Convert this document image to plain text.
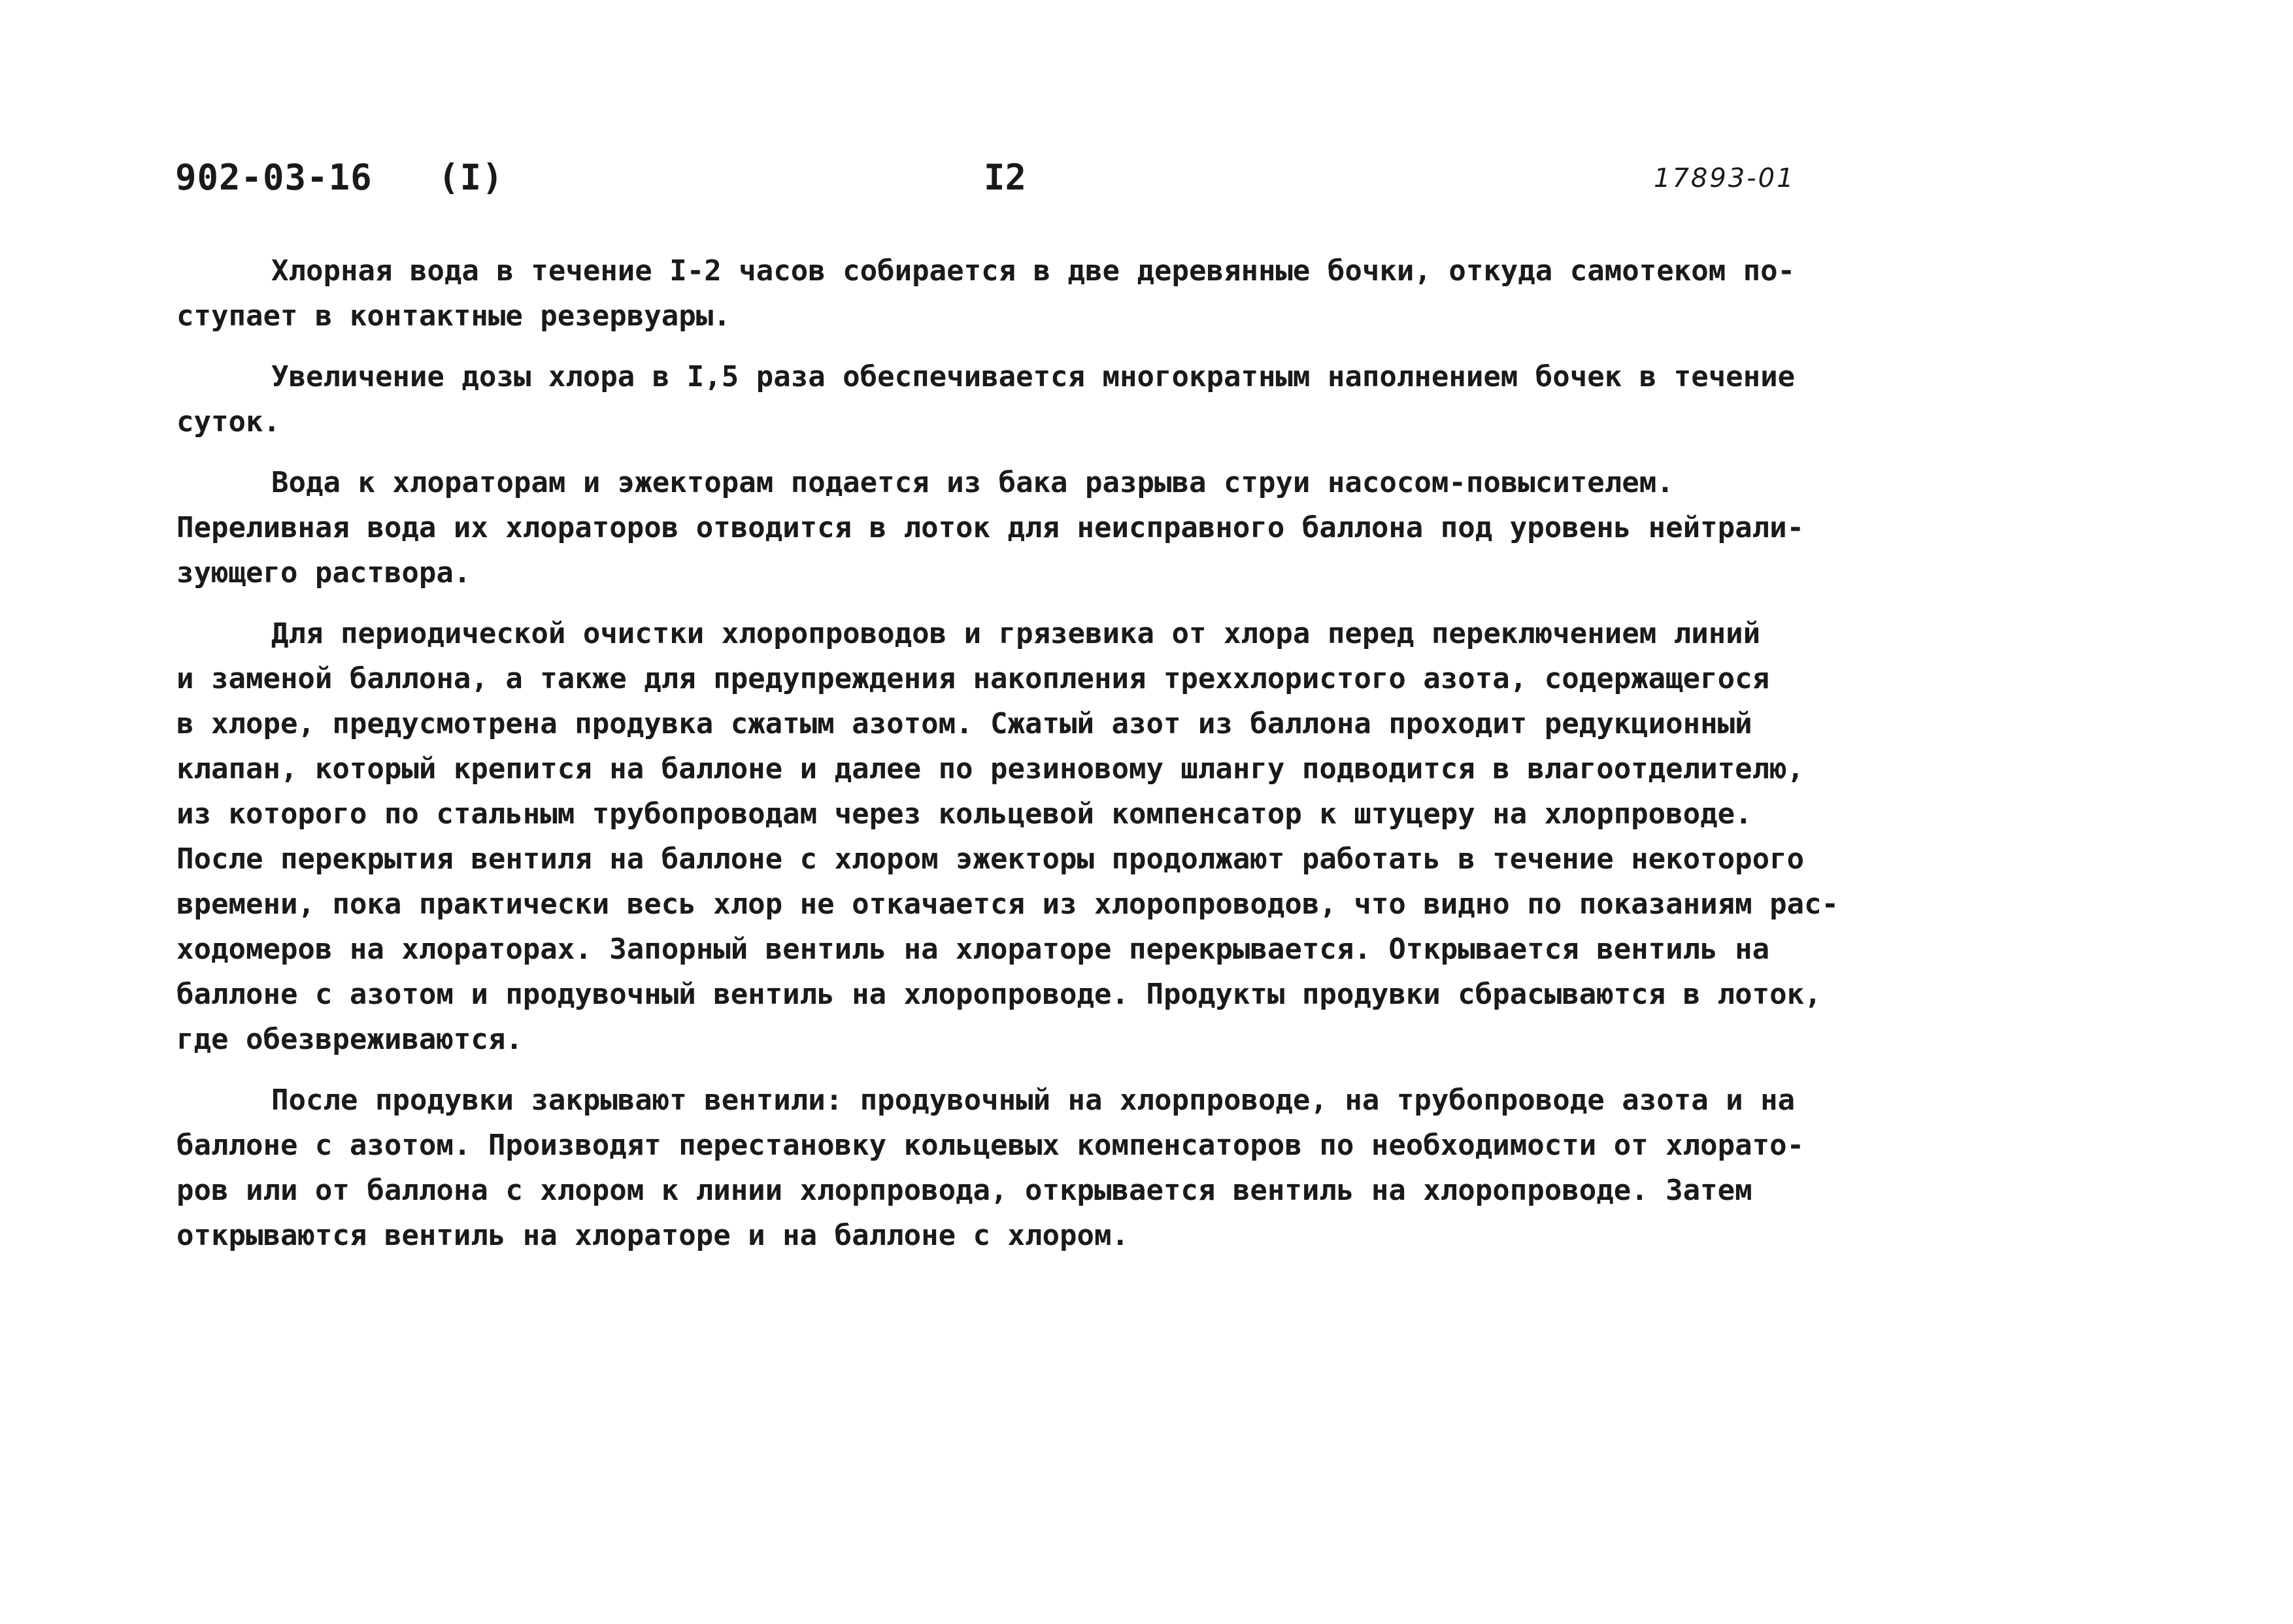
902-03-16 (I)	I2	17893-01
Хлорная вода в течение I-2 часов собирается в две деревянные бочки, откуда самотеком по-
ступает в контактные резервуары.
Увеличение дозы хлора в I,5 раза обеспечивается многократным наполнением бочек в течение
суток.
Вода к хлораторам и эжекторам подается из бака разрыва струи насосом-повысителем.
Переливная вода их хлораторов отводится в лоток для неисправного баллона под уровень нейтрали-
зующего раствора.
Для периодической очистки хлоропроводов и грязевика от хлора перед переключением линий
и заменой баллона, а также для предупреждения накопления треххлористого азота, содержащегося
в хлоре, предусмотрена продувка сжатым азотом. Сжатый азот из баллона проходит редукционный
клапан, который крепится на баллоне и далее по резиновому шлангу подводится в влагоотделителю,
из которого по стальным трубопроводам через кольцевой компенсатор к штуцеру на хлорпроводе.
После перекрытия вентиля на баллоне с хлором эжекторы продолжают работать в течение некоторого
времени, пока практически весь хлор не откачается из хлоропроводов, что видно по показаниям рас-
ходомеров на хлораторах. Запорный вентиль на хлораторе перекрывается. Открывается вентиль на
баллоне с азотом и продувочный вентиль на хлоропроводе. Продукты продувки сбрасываются в лоток,
где обезвреживаются.
После продувки закрывают вентили: продувочный на хлорпроводе, на трубопроводе азота и на
баллоне с азотом. Производят перестановку кольцевых компенсаторов по необходимости от хлорато-
ров или от баллона с хлором к линии хлорпровода, открывается вентиль на хлоропроводе. Затем
открываются вентиль на хлораторе и на баллоне с хлором.
